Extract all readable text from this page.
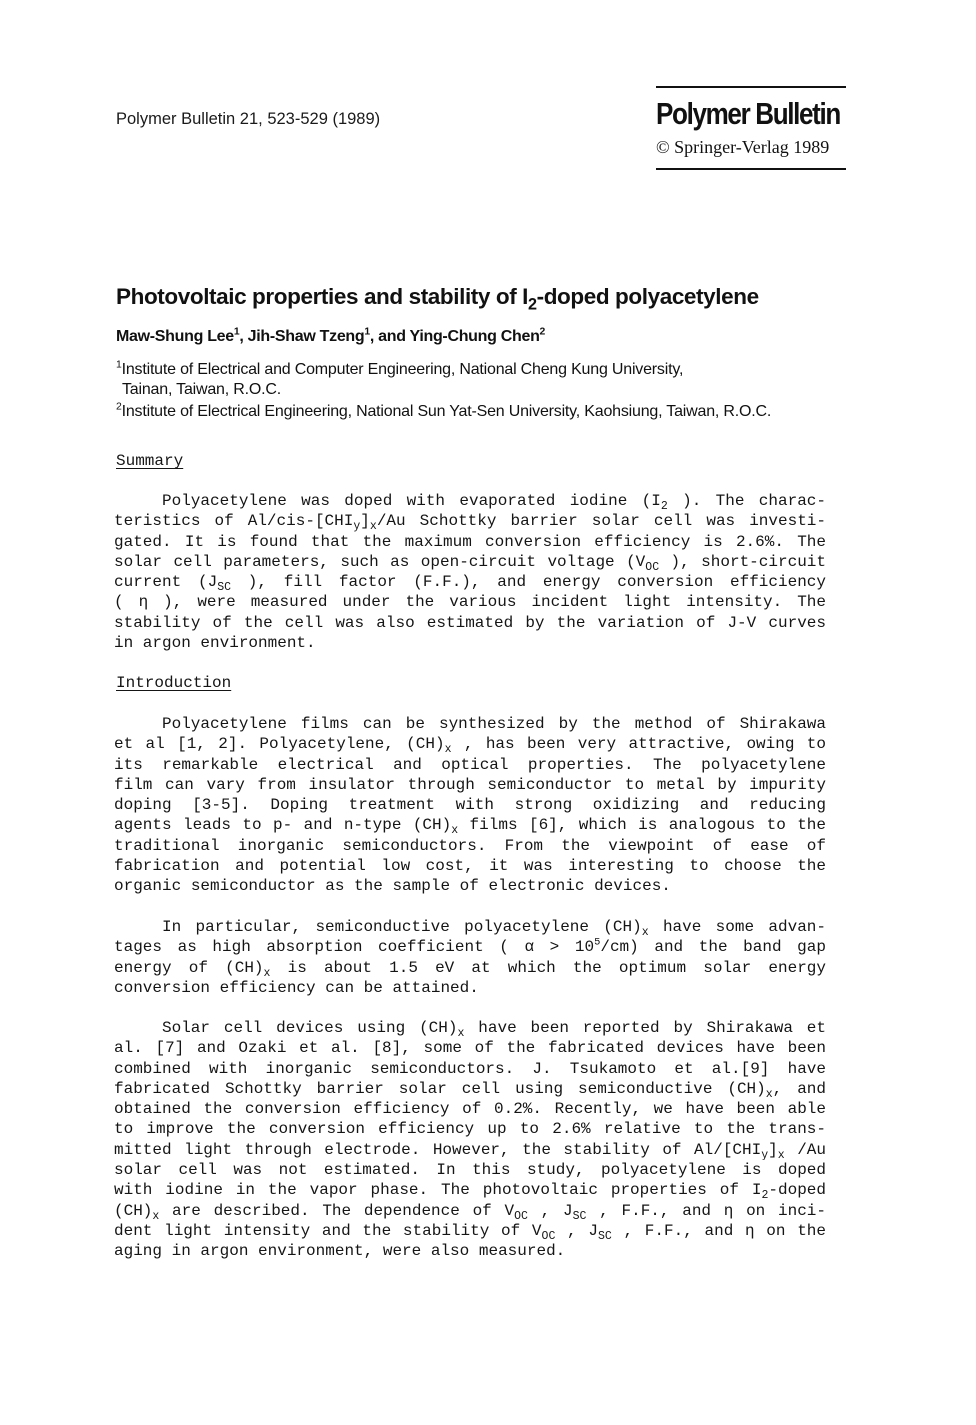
Polymer Bulletin 21, 523-529 (1989)	Polymer Bulletin
© Springer-Verlag 1989
Photovoltaic properties and stability of $I_2$-doped polyacetylene
Maw-Shung Lee$^1$, Jih-Shaw Tzeng$^1$, and Ying-Chung Chen$^2$
$^1$Institute of Electrical and Computer Engineering, National Cheng Kung University,
Tainan, Taiwan, R.O.C.
$^2$Institute of Electrical Engineering, National Sun Yat-Sen University, Kaohsiung, Taiwan, R.O.C.
Summary
Polyacetylene was doped with evaporated iodine ($I_2$ ). The charac-
teristics of $Al/cis-[CHI_y]_x/Au$ Schottky barrier solar cell was investi-
gated. It is found that the maximum conversion efficiency is 2.6%. The
solar cell parameters, such as open-circuit voltage ($V_{OC}$ ), short-circuit
current ($J_{SC}$ ), fill factor (F.F.), and energy conversion efficiency
( η ), were measured under the various incident light intensity. The
stability of the cell was also estimated by the variation of J-V curves
in argon environment.
Introduction
Polyacetylene films can be synthesized by the method of Shirakawa
et al [1, 2]. Polyacetylene, $(CH)_x$ , has been very attractive, owing to
its remarkable electrical and optical properties. The polyacetylene
film can vary from insulator through semiconductor to metal by impurity
doping [3-5]. Doping treatment with strong oxidizing and reducing
agents leads to p- and n-type $(CH)_x$ films [6], which is analogous to the
traditional inorganic semiconductors. From the viewpoint of ease of
fabrication and potential low cost, it was interesting to choose the
organic semiconductor as the sample of electronic devices.
In particular, semiconductive polyacetylene $(CH)_x$ have some advan-
tages as high absorption coefficient ( $\alpha > 10^5/cm$) and the band gap
energy of $(CH)_x$ is about 1.5 eV at which the optimum solar energy
conversion efficiency can be attained.
Solar cell devices using $(CH)_x$ have been reported by Shirakawa et
al. [7] and Ozaki et al. [8], some of the fabricated devices have been
combined with inorganic semiconductors. J. Tsukamoto et al.[9] have
fabricated Schottky barrier solar cell using semiconductive $(CH)_x$, and
obtained the conversion efficiency of 0.2%. Recently, we have been able
to improve the conversion efficiency up to 2.6% relative to the trans-
mitted light through electrode. However, the stability of $Al/[CHI_y]_x$ /Au
solar cell was not estimated. In this study, polyacetylene is doped
with iodine in the vapor phase. The photovoltaic properties of $I_2$-doped
$(CH)_x$ are described. The dependence of $V_{OC}$ , $J_{SC}$ , F.F., and η on inci-
dent light intensity and the stability of $V_{OC}$ , $J_{SC}$ , F.F., and η on the
aging in argon environment, were also measured.
